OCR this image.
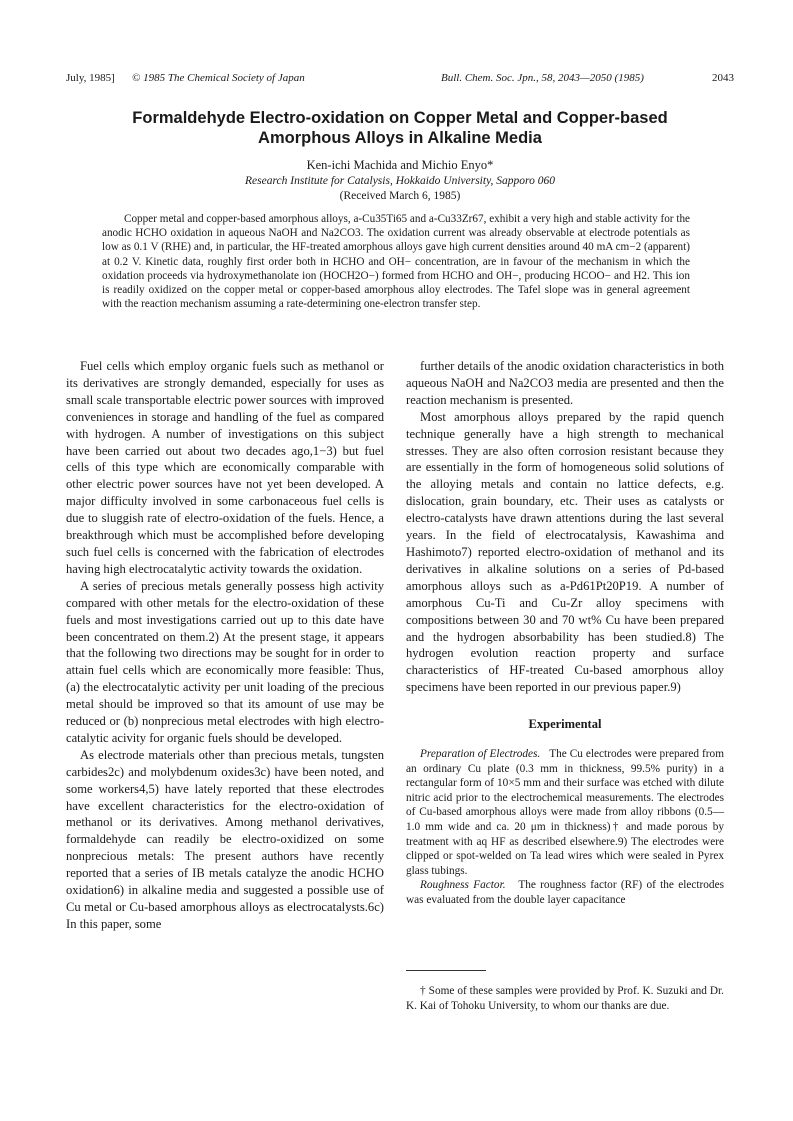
July, 1985] © 1985 The Chemical Society of Japan	Bull. Chem. Soc. Jpn., 58, 2043—2050 (1985)	2043
Formaldehyde Electro-oxidation on Copper Metal and Copper-based
Amorphous Alloys in Alkaline Media
Ken-ichi Machida and Michio Enyo*
Research Institute for Catalysis, Hokkaido University, Sapporo 060
(Received March 6, 1985)
Copper metal and copper-based amorphous alloys, a-Cu35Ti65 and a-Cu33Zr67, exhibit a very high and stable activity for the anodic HCHO oxidation in aqueous NaOH and Na2CO3. The oxidation current was already observable at electrode potentials as low as 0.1 V (RHE) and, in particular, the HF-treated amorphous alloys gave high current densities around 40 mA cm−2 (apparent) at 0.2 V. Kinetic data, roughly first order both in HCHO and OH− concentration, are in favour of the mechanism in which the oxidation proceeds via hydroxymethanolate ion (HOCH2O−) formed from HCHO and OH−, producing HCOO− and H2. This ion is readily oxidized on the copper metal or copper-based amorphous alloy electrodes. The Tafel slope was in general agreement with the reaction mechanism assuming a rate-determining one-electron transfer step.

Fuel cells which employ organic fuels such as methanol or its derivatives are strongly demanded, especially for uses as small scale transportable electric power sources with improved conveniences in storage and handling of the fuel as compared with hydrogen. A number of investigations on this subject have been carried out about two decades ago,1−3) but fuel cells of this type which are economically comparable with other electric power sources have not yet been developed. A major difficulty involved in some carbonaceous fuel cells is due to sluggish rate of electro-oxidation of the fuels. Hence, a breakthrough which must be accomplished before developing such fuel cells is concerned with the fabrication of electrodes having high electrocatalytic activity towards the oxidation.

A series of precious metals generally possess high activity compared with other metals for the electro-oxidation of these fuels and most investigations carried out up to this date have been concentrated on them.2) At the present stage, it appears that the following two directions may be sought for in order to attain fuel cells which are economically more feasible: Thus, (a) the electrocatalytic activity per unit loading of the precious metal should be improved so that its amount of use may be reduced or (b) nonprecious metal electrodes with high electro-catalytic acivity for organic fuels should be developed.

As electrode materials other than precious metals, tungsten carbides2c) and molybdenum oxides3c) have been noted, and some workers4,5) have lately reported that these electrodes have excellent characteristics for the electro-oxidation of methanol or its derivatives. Among methanol derivatives, formaldehyde can readily be electro-oxidized on some nonprecious metals: The present authors have recently reported that a series of IB metals catalyze the anodic HCHO oxidation6) in alkaline media and suggested a possible use of Cu metal or Cu-based amorphous alloys as electrocatalysts.6c) In this paper, some

further details of the anodic oxidation characteristics in both aqueous NaOH and Na2CO3 media are presented and then the reaction mechanism is presented.

Most amorphous alloys prepared by the rapid quench technique generally have a high strength to mechanical stresses. They are also often corrosion resistant because they are essentially in the form of homogeneous solid solutions of the alloying metals and contain no lattice defects, e.g. dislocation, grain boundary, etc. Their uses as catalysts or electro-catalysts have drawn attentions during the last several years. In the field of electrocatalysis, Kawashima and Hashimoto7) reported electro-oxidation of methanol and its derivatives in alkaline solutions on a series of Pd-based amorphous alloys such as a-Pd61Pt20P19. A number of amorphous Cu-Ti and Cu-Zr alloy specimens with compositions between 30 and 70 wt% Cu have been prepared and the hydrogen absorbability has been studied.8) The hydrogen evolution reaction property and surface characteristics of HF-treated Cu-based amorphous alloy specimens have been reported in our previous paper.9)

Experimental

Preparation of Electrodes. The Cu electrodes were prepared from an ordinary Cu plate (0.3 mm in thickness, 99.5% purity) in a rectangular form of 10×5 mm and their surface was etched with dilute nitric acid prior to the electrochemical measurements. The electrodes of Cu-based amorphous alloys were made from alloy ribbons (0.5—1.0 mm wide and ca. 20 μm in thickness)† and made porous by treatment with aq HF as described elsewhere.9) The electrodes were clipped or spot-welded on Ta lead wires which were sealed in Pyrex glass tubings.

Roughness Factor. The roughness factor (RF) of the electrodes was evaluated from the double layer capacitance

† Some of these samples were provided by Prof. K. Suzuki and Dr. K. Kai of Tohoku University, to whom our thanks are due.
